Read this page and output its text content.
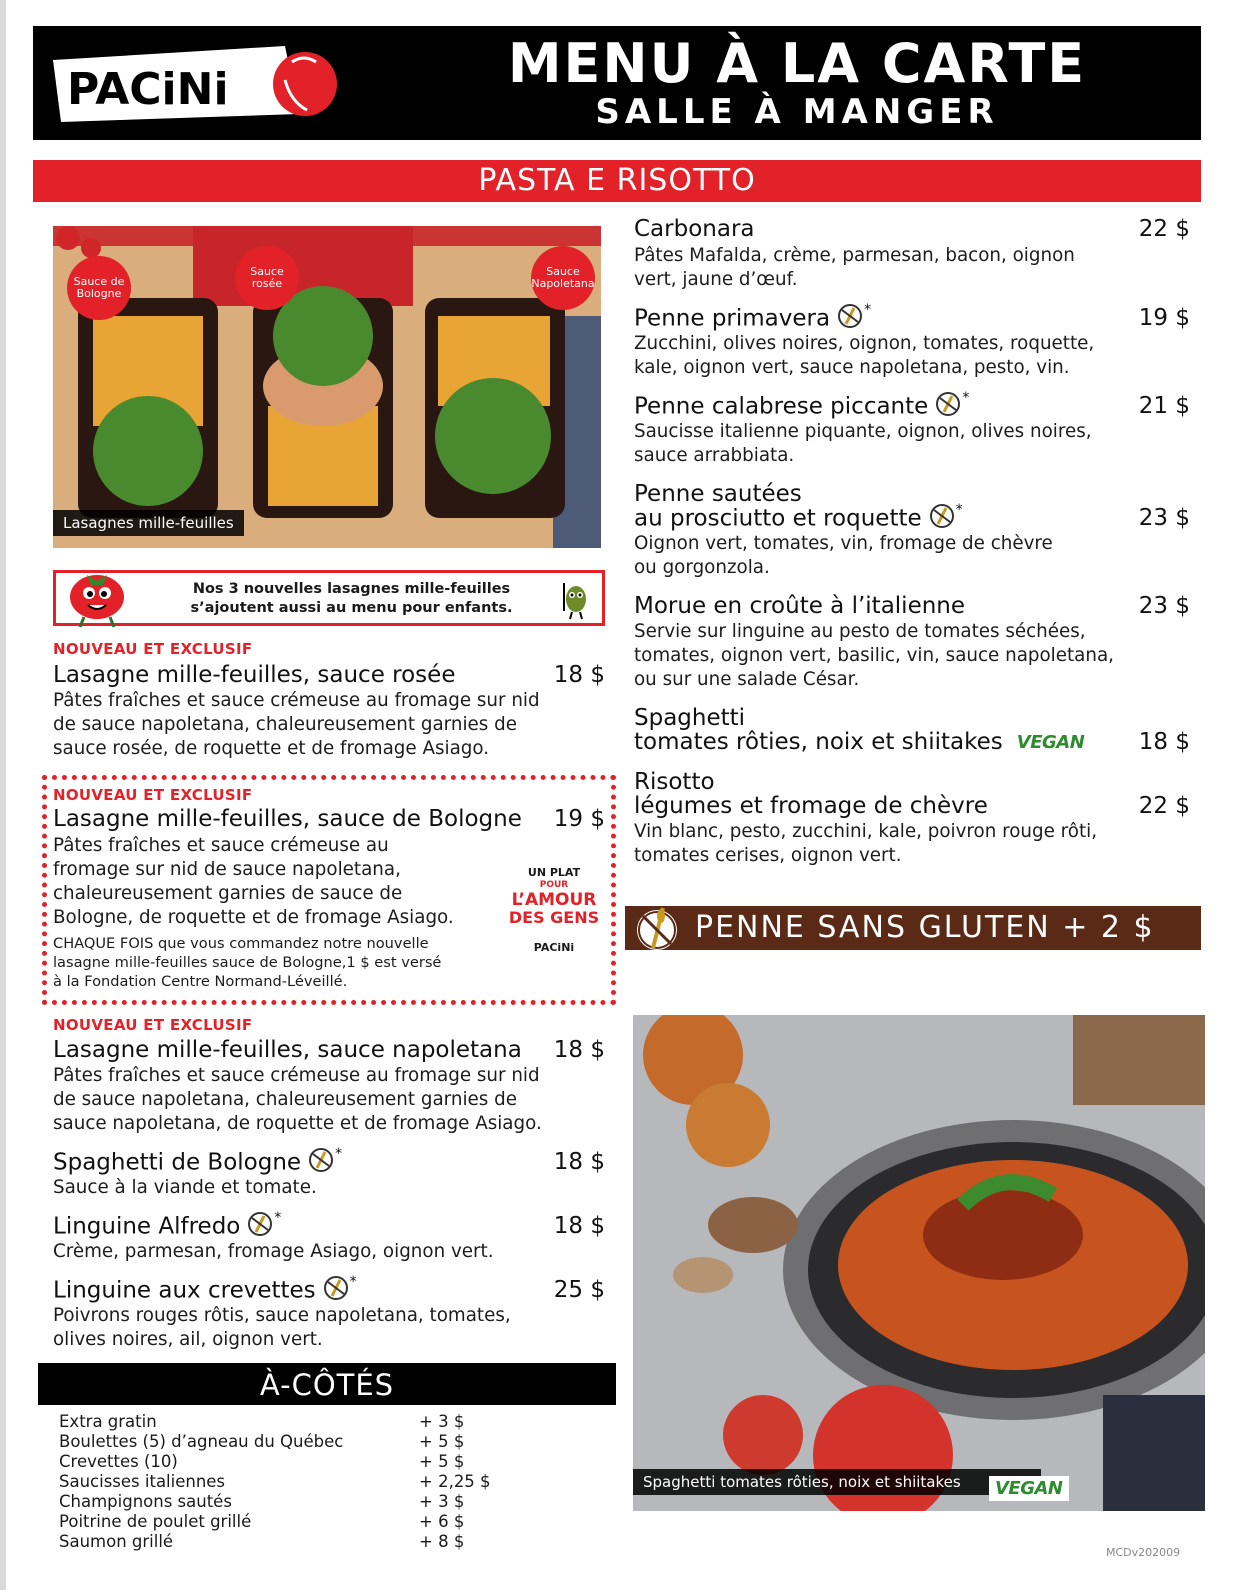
PACiNi	MENU À LA CARTE
SALLE À MANGER
PASTA E RISOTTO
Sauce de Bologne
Sauce rosée
Sauce Napoletana
Lasagnes mille-feuilles
Nos 3 nouvelles lasagnes mille-feuilles s’ajoutent aussi au menu pour enfants.
NOUVEAU ET EXCLUSIF
Lasagne mille-feuilles, sauce rosée	18 $
Pâtes fraîches et sauce crémeuse au fromage sur nid
de sauce napoletana, chaleureusement garnies de
sauce rosée, de roquette et de fromage Asiago.
NOUVEAU ET EXCLUSIF
Lasagne mille-feuilles, sauce de Bologne	19 $
Pâtes fraîches et sauce crémeuse au
fromage sur nid de sauce napoletana,
chaleureusement garnies de sauce de
Bologne, de roquette et de fromage Asiago.
CHAQUE FOIS que vous commandez notre nouvelle
lasagne mille-feuilles sauce de Bologne,1 $ est versé
à la Fondation Centre Normand-Léveillé.
UN PLAT
POUR
L’AMOUR
DES GENS
PACiNi
NOUVEAU ET EXCLUSIF
Lasagne mille-feuilles, sauce napoletana	18 $
Pâtes fraîches et sauce crémeuse au fromage sur nid
de sauce napoletana, chaleureusement garnies de
sauce napoletana, de roquette et de fromage Asiago.
Spaghetti de Bologne *	18 $
Sauce à la viande et tomate.
Linguine Alfredo *	18 $
Crème, parmesan, fromage Asiago, oignon vert.
Linguine aux crevettes *	25 $
Poivrons rouges rôtis, sauce napoletana, tomates,
olives noires, ail, oignon vert.
À-CÔTÉS
Extra gratin	+ 3 $
Boulettes (5) d’agneau du Québec	+ 5 $
Crevettes (10)	+ 5 $
Saucisses italiennes	+ 2,25 $
Champignons sautés	+ 3 $
Poitrine de poulet grillé	+ 6 $
Saumon grillé	+ 8 $
Carbonara	22 $
Pâtes Mafalda, crème, parmesan, bacon, oignon
vert, jaune d’œuf.
Penne primavera *	19 $
Zucchini, olives noires, oignon, tomates, roquette,
kale, oignon vert, sauce napoletana, pesto, vin.
Penne calabrese piccante *	21 $
Saucisse italienne piquante, oignon, olives noires,
sauce arrabbiata.
Penne sautées
au prosciutto et roquette *	23 $
Oignon vert, tomates, vin, fromage de chèvre
ou gorgonzola.
Morue en croûte à l’italienne	23 $
Servie sur linguine au pesto de tomates séchées,
tomates, oignon vert, basilic, vin, sauce napoletana,
ou sur une salade César.
Spaghetti
tomates rôties, noix et shiitakes VEGAN	18 $
Risotto
légumes et fromage de chèvre	22 $
Vin blanc, pesto, zucchini, kale, poivron rouge rôti,
tomates cerises, oignon vert.
PENNE SANS GLUTEN + 2 $
Spaghetti tomates rôties, noix et shiitakes	VEGAN
MCDv202009
